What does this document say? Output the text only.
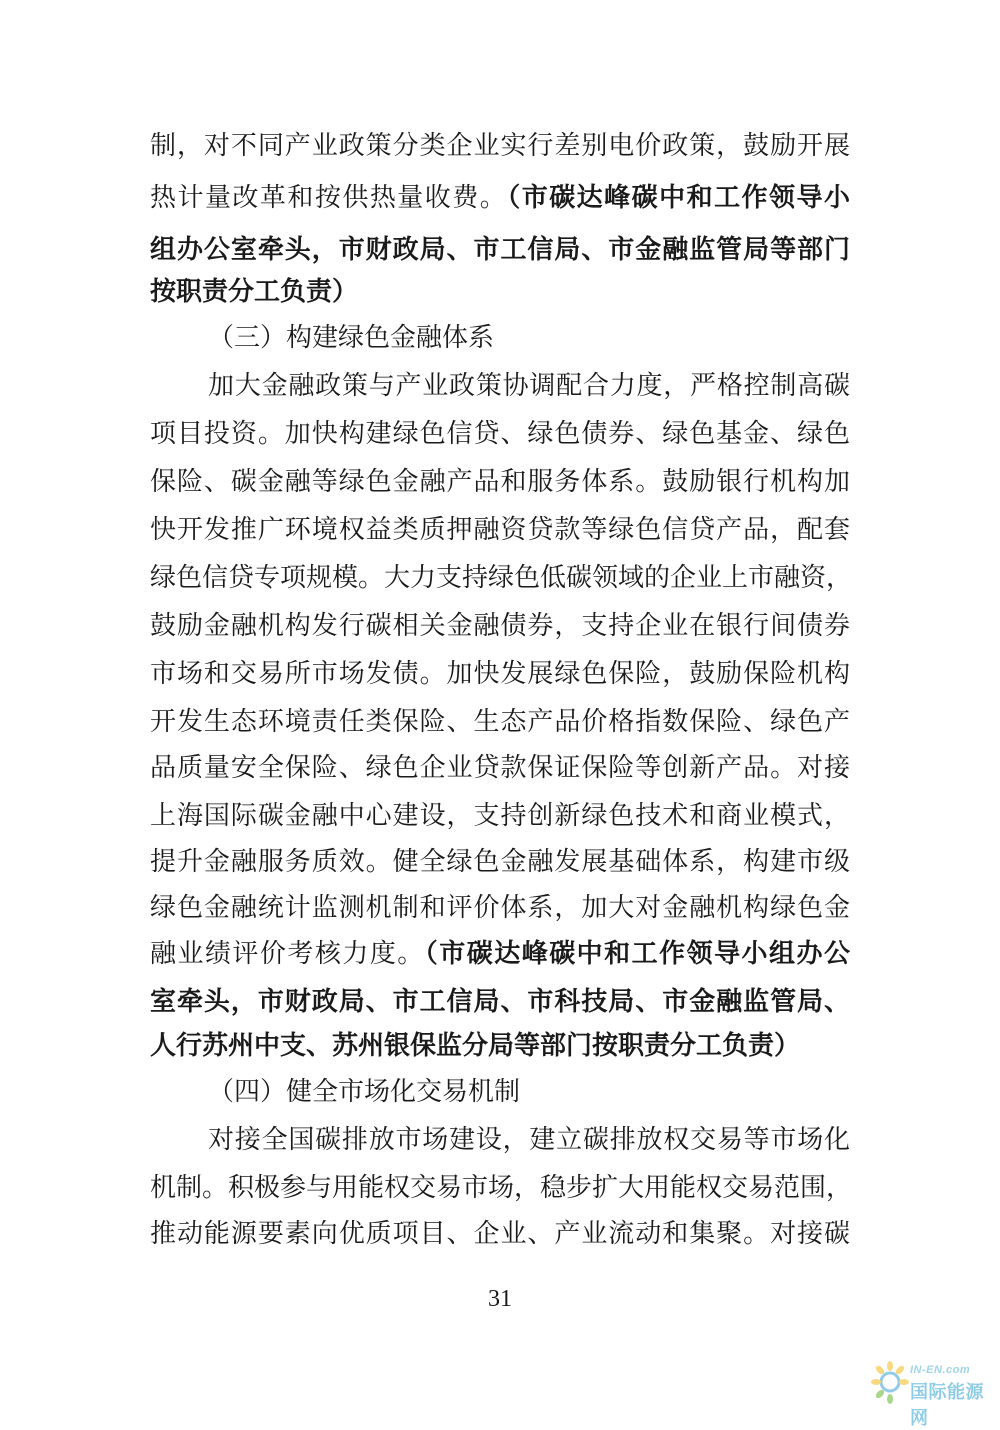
制，对不同产业政策分类企业实行差别电价政策，鼓励开展
热计量改革和按供热量收费。（市碳达峰碳中和工作领导小
组办公室牵头，市财政局、市工信局、市金融监管局等部门
按职责分工负责）
（三）构建绿色金融体系
加大金融政策与产业政策协调配合力度，严格控制高碳
项目投资。加快构建绿色信贷、绿色债券、绿色基金、绿色
保险、碳金融等绿色金融产品和服务体系。鼓励银行机构加
快开发推广环境权益类质押融资贷款等绿色信贷产品，配套
绿色信贷专项规模。大力支持绿色低碳领域的企业上市融资，
鼓励金融机构发行碳相关金融债券，支持企业在银行间债券
市场和交易所市场发债。加快发展绿色保险，鼓励保险机构
开发生态环境责任类保险、生态产品价格指数保险、绿色产
品质量安全保险、绿色企业贷款保证保险等创新产品。对接
上海国际碳金融中心建设，支持创新绿色技术和商业模式，
提升金融服务质效。健全绿色金融发展基础体系，构建市级
绿色金融统计监测机制和评价体系，加大对金融机构绿色金
融业绩评价考核力度。（市碳达峰碳中和工作领导小组办公
室牵头，市财政局、市工信局、市科技局、市金融监管局、
人行苏州中支、苏州银保监分局等部门按职责分工负责）
（四）健全市场化交易机制
对接全国碳排放市场建设，建立碳排放权交易等市场化
机制。积极参与用能权交易市场，稳步扩大用能权交易范围，
推动能源要素向优质项目、企业、产业流动和集聚。对接碳
31
IN-EN.com
国际能源网
